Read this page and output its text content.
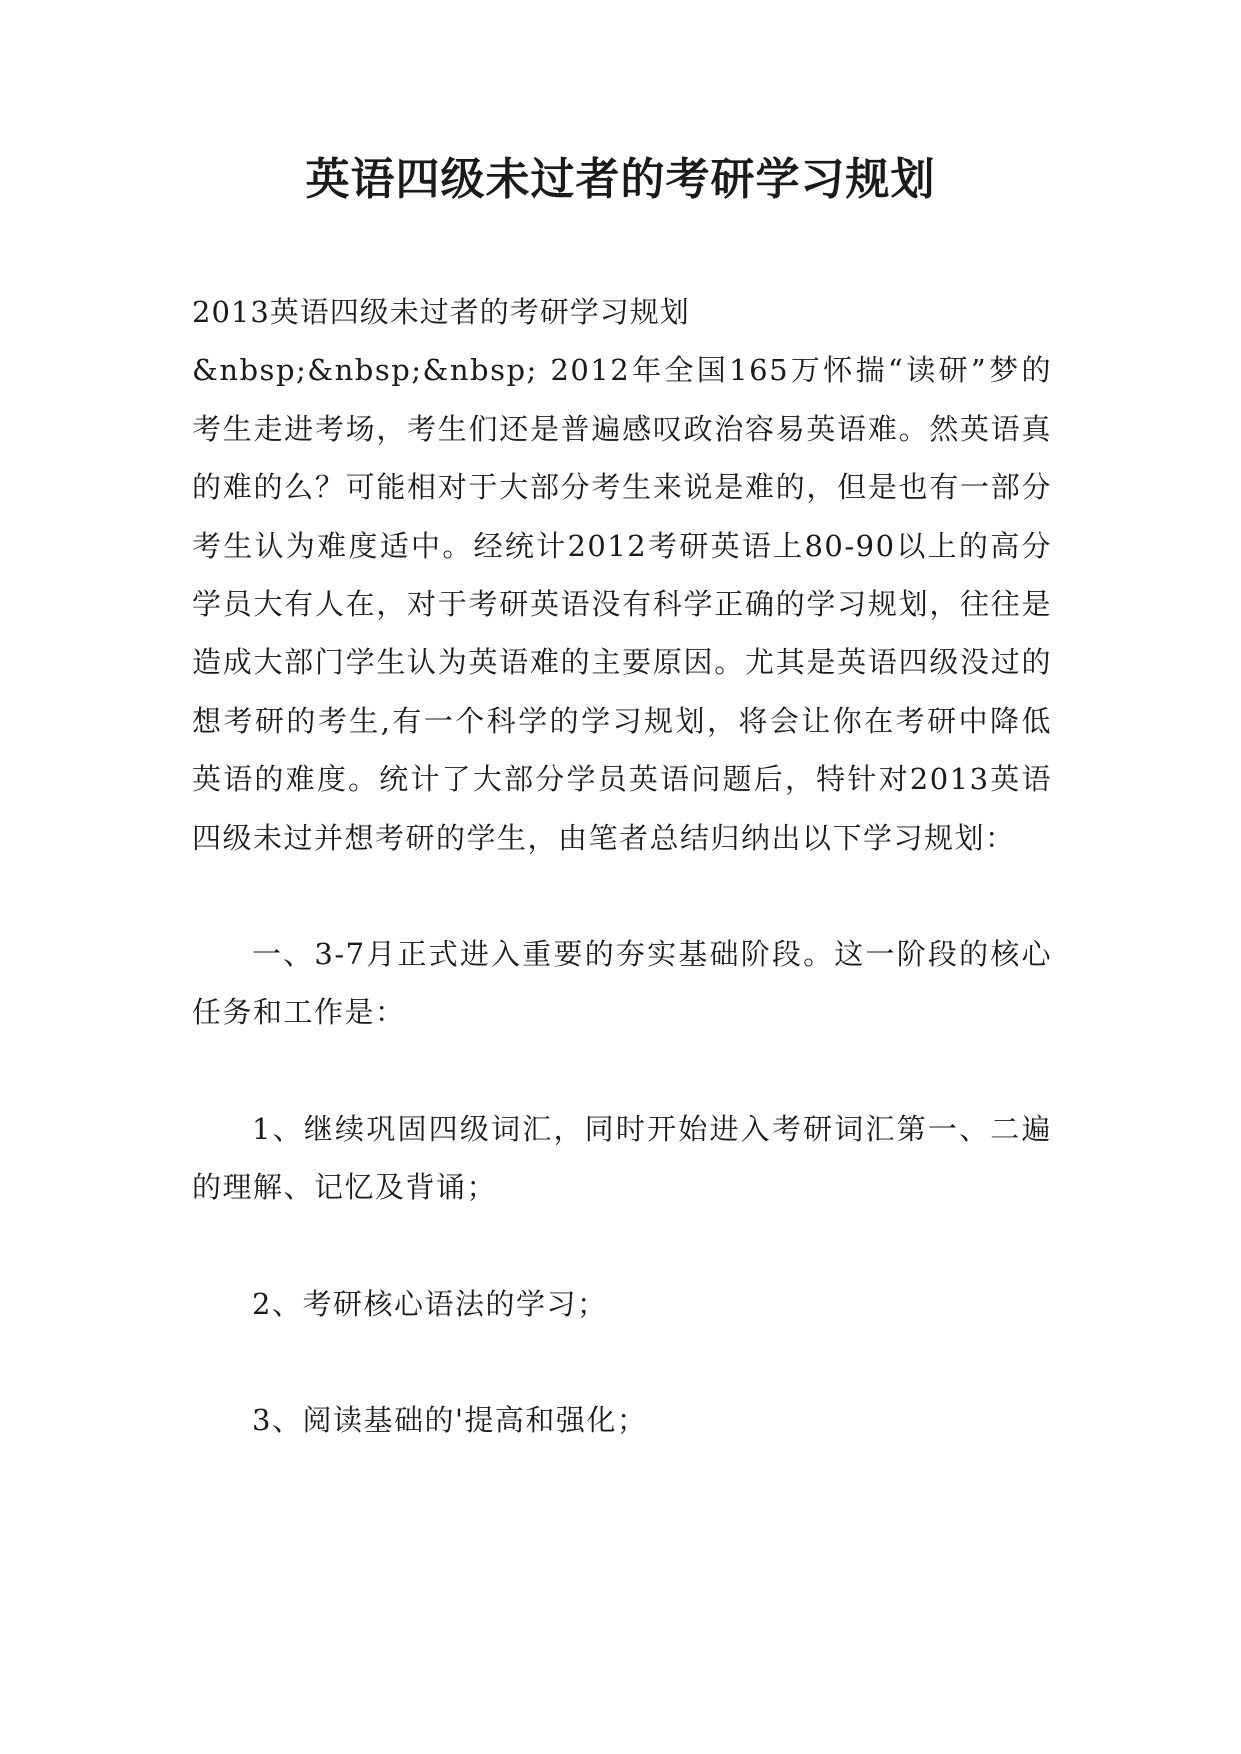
英语四级未过者的考研学习规划

2013英语四级未过者的考研学习规划

&nbsp;&nbsp;&nbsp; 2012年全国165万怀揣“读研”梦的考生走进考场，考生们还是普遍感叹政治容易英语难。然英语真的难的么？可能相对于大部分考生来说是难的，但是也有一部分考生认为难度适中。经统计2012考研英语上80-90以上的高分学员大有人在，对于考研英语没有科学正确的学习规划，往往是造成大部门学生认为英语难的主要原因。尤其是英语四级没过的想考研的考生,有一个科学的学习规划，将会让你在考研中降低英语的难度。统计了大部分学员英语问题后，特针对2013英语四级未过并想考研的学生，由笔者总结归纳出以下学习规划：

一、3-7月正式进入重要的夯实基础阶段。这一阶段的核心任务和工作是：

1、继续巩固四级词汇，同时开始进入考研词汇第一、二遍的理解、记忆及背诵；

2、考研核心语法的学习；

3、阅读基础的'提高和强化；
